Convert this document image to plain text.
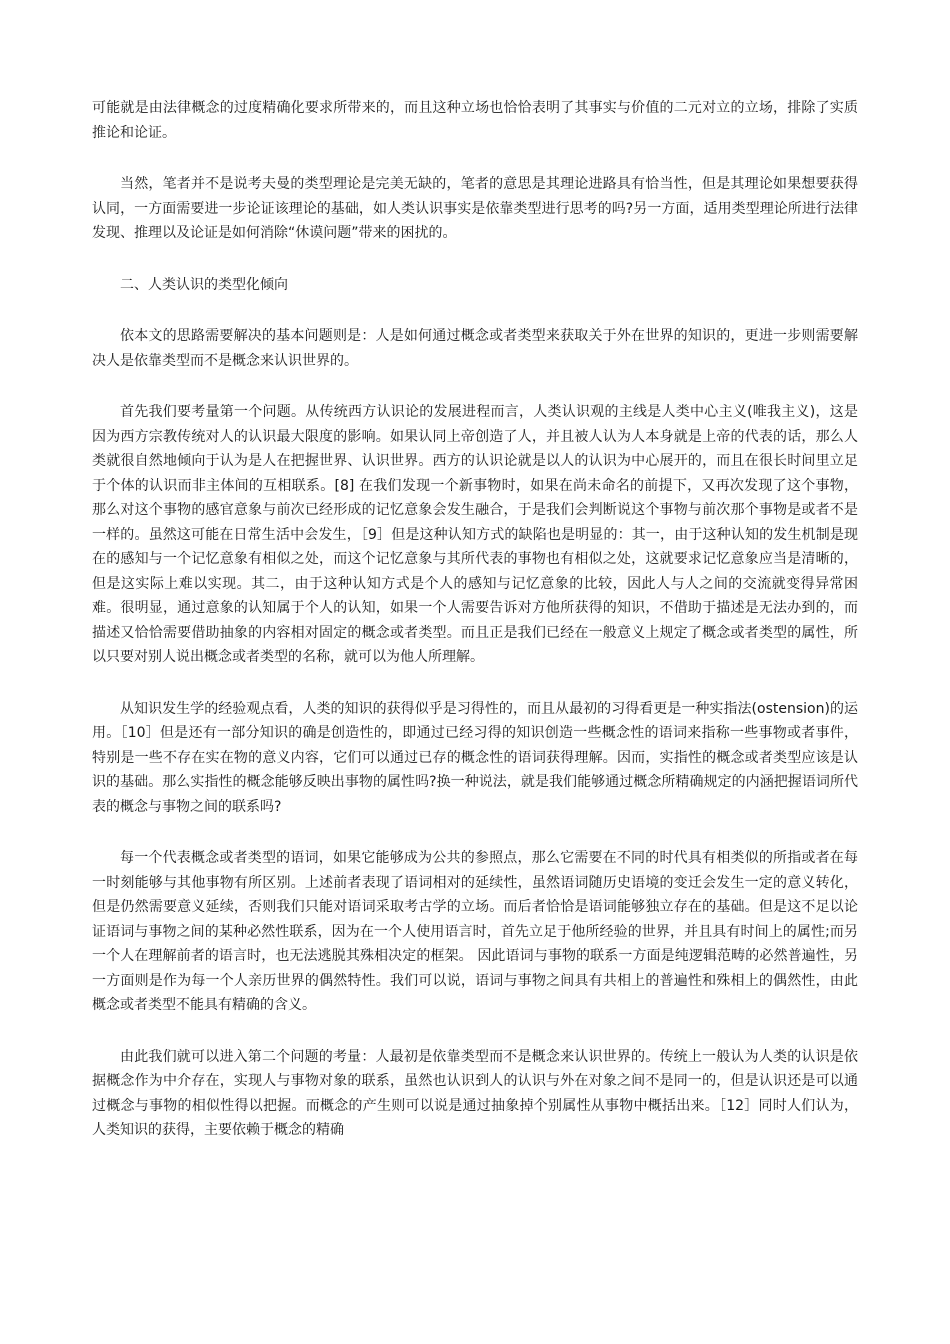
可能就是由法律概念的过度精确化要求所带来的，而且这种立场也恰恰表明了其事实与价值的二元对立的立场，排除了实质推论和论证。

当然，笔者并不是说考夫曼的类型理论是完美无缺的，笔者的意思是其理论进路具有恰当性，但是其理论如果想要获得认同，一方面需要进一步论证该理论的基础，如人类认识事实是依靠类型进行思考的吗?另一方面，适用类型理论所进行法律发现、推理以及论证是如何消除“休谟问题”带来的困扰的。

二、人类认识的类型化倾向

依本文的思路需要解决的基本问题则是：人是如何通过概念或者类型来获取关于外在世界的知识的，更进一步则需要解决人是依靠类型而不是概念来认识世界的。

首先我们要考量第一个问题。从传统西方认识论的发展进程而言，人类认识观的主线是人类中心主义(唯我主义)，这是因为西方宗教传统对人的认识最大限度的影响。如果认同上帝创造了人，并且被人认为人本身就是上帝的代表的话，那么人类就很自然地倾向于认为是人在把握世界、认识世界。西方的认识论就是以人的认识为中心展开的，而且在很长时间里立足于个体的认识而非主体间的互相联系。[8] 在我们发现一个新事物时，如果在尚未命名的前提下，又再次发现了这个事物，那么对这个事物的感官意象与前次已经形成的记忆意象会发生融合，于是我们会判断说这个事物与前次那个事物是或者不是一样的。虽然这可能在日常生活中会发生，［9］但是这种认知方式的缺陷也是明显的：其一，由于这种认知的发生机制是现在的感知与一个记忆意象有相似之处，而这个记忆意象与其所代表的事物也有相似之处，这就要求记忆意象应当是清晰的，但是这实际上难以实现。其二，由于这种认知方式是个人的感知与记忆意象的比较，因此人与人之间的交流就变得异常困难。很明显，通过意象的认知属于个人的认知，如果一个人需要告诉对方他所获得的知识，不借助于描述是无法办到的，而描述又恰恰需要借助抽象的内容相对固定的概念或者类型。而且正是我们已经在一般意义上规定了概念或者类型的属性，所以只要对别人说出概念或者类型的名称，就可以为他人所理解。

从知识发生学的经验观点看，人类的知识的获得似乎是习得性的，而且从最初的习得看更是一种实指法(ostension)的运用。［10］但是还有一部分知识的确是创造性的，即通过已经习得的知识创造一些概念性的语词来指称一些事物或者事件，特别是一些不存在实在物的意义内容，它们可以通过已存的概念性的语词获得理解。因而，实指性的概念或者类型应该是认识的基础。那么实指性的概念能够反映出事物的属性吗?换一种说法，就是我们能够通过概念所精确规定的内涵把握语词所代表的概念与事物之间的联系吗?

每一个代表概念或者类型的语词，如果它能够成为公共的参照点，那么它需要在不同的时代具有相类似的所指或者在每一时刻能够与其他事物有所区别。上述前者表现了语词相对的延续性，虽然语词随历史语境的变迁会发生一定的意义转化，但是仍然需要意义延续，否则我们只能对语词采取考古学的立场。而后者恰恰是语词能够独立存在的基础。但是这不足以论证语词与事物之间的某种必然性联系，因为在一个人使用语言时，首先立足于他所经验的世界，并且具有时间上的属性;而另一个人在理解前者的语言时，也无法逃脱其殊相决定的框架。 因此语词与事物的联系一方面是纯逻辑范畴的必然普遍性，另一方面则是作为每一个人亲历世界的偶然特性。我们可以说，语词与事物之间具有共相上的普遍性和殊相上的偶然性，由此概念或者类型不能具有精确的含义。

由此我们就可以进入第二个问题的考量：人最初是依靠类型而不是概念来认识世界的。传统上一般认为人类的认识是依据概念作为中介存在，实现人与事物对象的联系，虽然也认识到人的认识与外在对象之间不是同一的，但是认识还是可以通过概念与事物的相似性得以把握。而概念的产生则可以说是通过抽象掉个别属性从事物中概括出来。［12］同时人们认为，人类知识的获得，主要依赖于概念的精确
